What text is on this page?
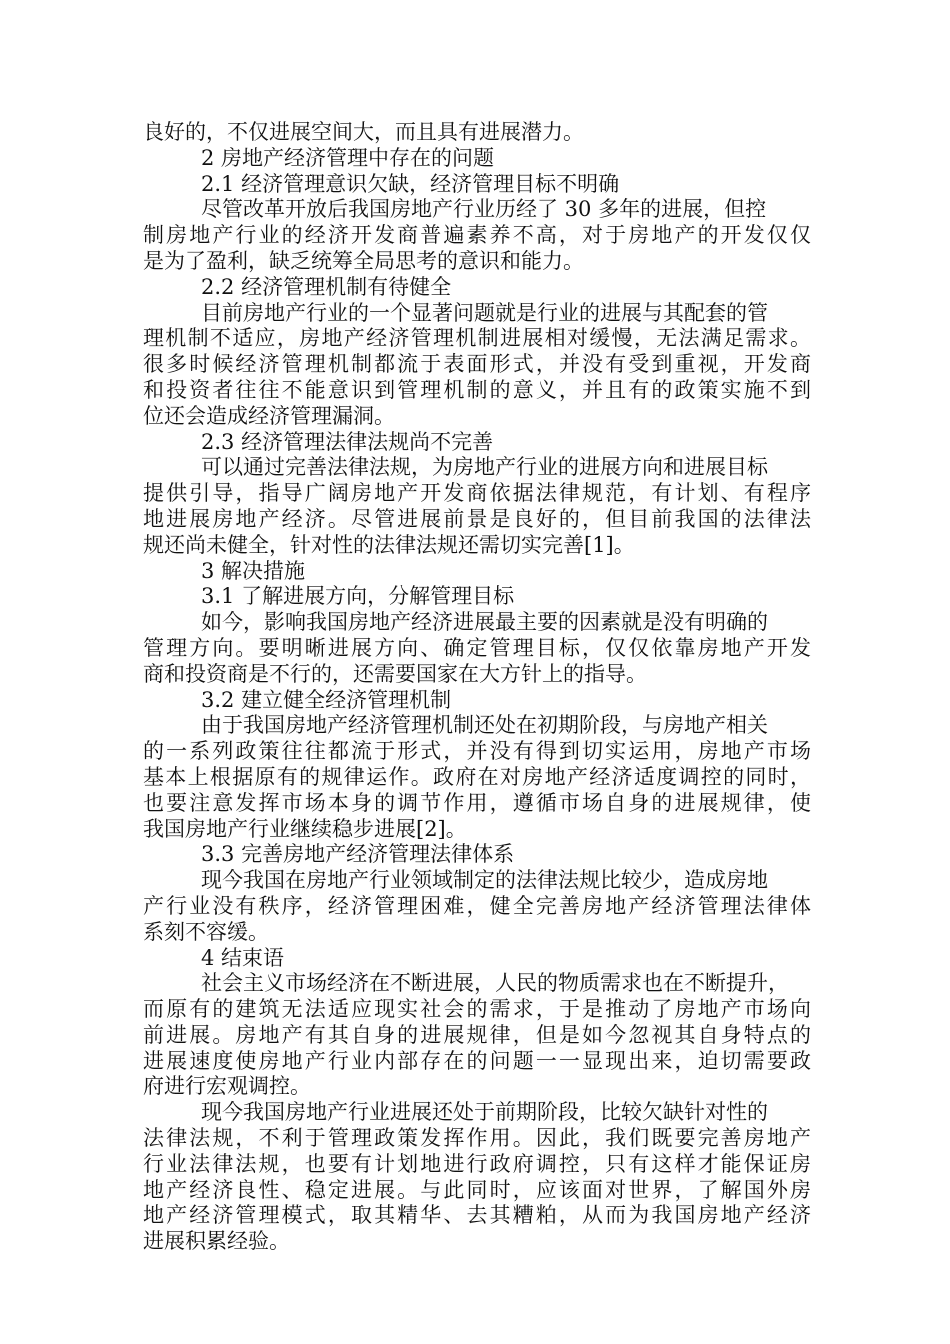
良好的，不仅进展空间大，而且具有进展潜力。
2 房地产经济管理中存在的问题
2.1 经济管理意识欠缺，经济管理目标不明确
尽管改革开放后我国房地产行业历经了 30 多年的进展，但控
制房地产行业的经济开发商普遍素养不高，对于房地产的开发仅仅
是为了盈利，缺乏统筹全局思考的意识和能力。
2.2 经济管理机制有待健全
目前房地产行业的一个显著问题就是行业的进展与其配套的管
理机制不适应，房地产经济管理机制进展相对缓慢，无法满足需求。
很多时候经济管理机制都流于表面形式，并没有受到重视，开发商
和投资者往往不能意识到管理机制的意义，并且有的政策实施不到
位还会造成经济管理漏洞。
2.3 经济管理法律法规尚不完善
可以通过完善法律法规，为房地产行业的进展方向和进展目标
提供引导，指导广阔房地产开发商依据法律规范，有计划、有程序
地进展房地产经济。尽管进展前景是良好的，但目前我国的法律法
规还尚未健全，针对性的法律法规还需切实完善[1]。
3 解决措施
3.1 了解进展方向，分解管理目标
如今，影响我国房地产经济进展最主要的因素就是没有明确的
管理方向。要明晰进展方向、确定管理目标，仅仅依靠房地产开发
商和投资商是不行的，还需要国家在大方针上的指导。
3.2 建立健全经济管理机制
由于我国房地产经济管理机制还处在初期阶段，与房地产相关
的一系列政策往往都流于形式，并没有得到切实运用，房地产市场
基本上根据原有的规律运作。政府在对房地产经济适度调控的同时，
也要注意发挥市场本身的调节作用，遵循市场自身的进展规律，使
我国房地产行业继续稳步进展[2]。
3.3 完善房地产经济管理法律体系
现今我国在房地产行业领域制定的法律法规比较少，造成房地
产行业没有秩序，经济管理困难，健全完善房地产经济管理法律体
系刻不容缓。
4 结束语
社会主义市场经济在不断进展，人民的物质需求也在不断提升，
而原有的建筑无法适应现实社会的需求，于是推动了房地产市场向
前进展。房地产有其自身的进展规律，但是如今忽视其自身特点的
进展速度使房地产行业内部存在的问题一一显现出来，迫切需要政
府进行宏观调控。
现今我国房地产行业进展还处于前期阶段，比较欠缺针对性的
法律法规，不利于管理政策发挥作用。因此，我们既要完善房地产
行业法律法规，也要有计划地进行政府调控，只有这样才能保证房
地产经济良性、稳定进展。与此同时，应该面对世界，了解国外房
地产经济管理模式，取其精华、去其糟粕，从而为我国房地产经济
进展积累经验。
